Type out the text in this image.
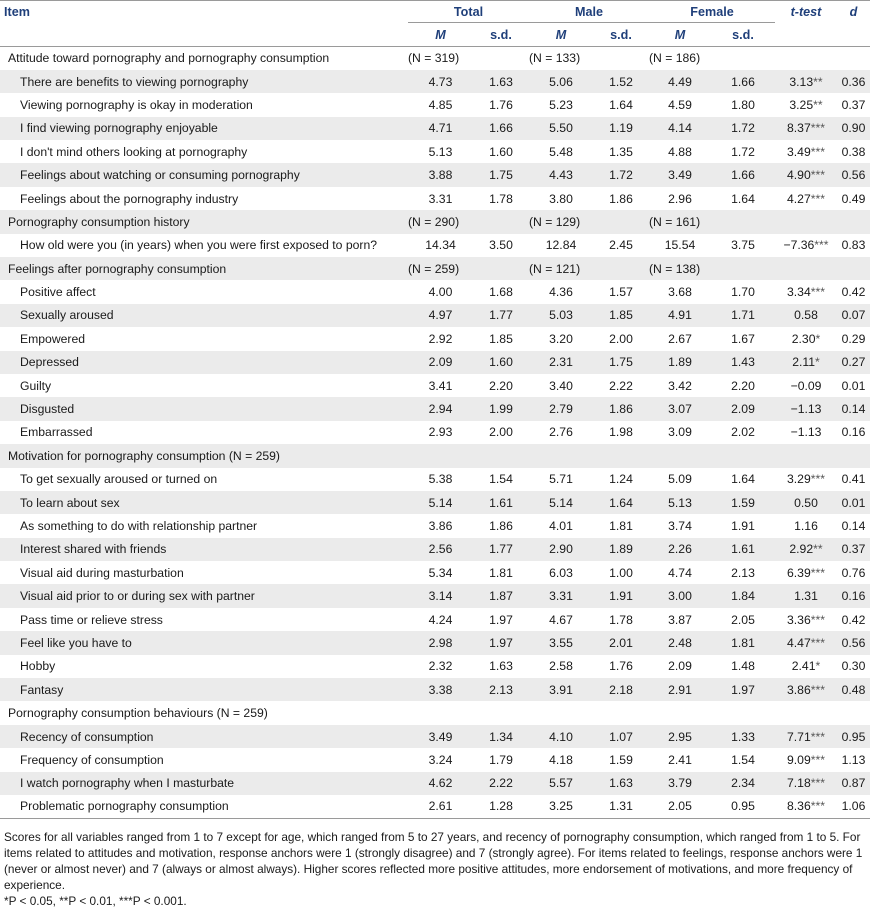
Item	Total		Male		Female		t-test	d
	M	s.d.	M	s.d.	M	s.d.		
Attitude toward pornography and pornography consumption	(N = 319)		(N = 133)		(N = 186)			
There are benefits to viewing pornography	4.73	1.63	5.06	1.52	4.49	1.66	3.13**	0.36
Viewing pornography is okay in moderation	4.85	1.76	5.23	1.64	4.59	1.80	3.25**	0.37
I find viewing pornography enjoyable	4.71	1.66	5.50	1.19	4.14	1.72	8.37***	0.90
I don't mind others looking at pornography	5.13	1.60	5.48	1.35	4.88	1.72	3.49***	0.38
Feelings about watching or consuming pornography	3.88	1.75	4.43	1.72	3.49	1.66	4.90***	0.56
Feelings about the pornography industry	3.31	1.78	3.80	1.86	2.96	1.64	4.27***	0.49
Pornography consumption history	(N = 290)		(N = 129)		(N = 161)			
How old were you (in years) when you were first exposed to porn?	14.34	3.50	12.84	2.45	15.54	3.75	−7.36***	0.83
Feelings after pornography consumption	(N = 259)		(N = 121)		(N = 138)			
Positive affect	4.00	1.68	4.36	1.57	3.68	1.70	3.34***	0.42
Sexually aroused	4.97	1.77	5.03	1.85	4.91	1.71	0.58	0.07
Empowered	2.92	1.85	3.20	2.00	2.67	1.67	2.30*	0.29
Depressed	2.09	1.60	2.31	1.75	1.89	1.43	2.11*	0.27
Guilty	3.41	2.20	3.40	2.22	3.42	2.20	−0.09	0.01
Disgusted	2.94	1.99	2.79	1.86	3.07	2.09	−1.13	0.14
Embarrassed	2.93	2.00	2.76	1.98	3.09	2.02	−1.13	0.16
Motivation for pornography consumption (N = 259)								
To get sexually aroused or turned on	5.38	1.54	5.71	1.24	5.09	1.64	3.29***	0.41
To learn about sex	5.14	1.61	5.14	1.64	5.13	1.59	0.50	0.01
As something to do with relationship partner	3.86	1.86	4.01	1.81	3.74	1.91	1.16	0.14
Interest shared with friends	2.56	1.77	2.90	1.89	2.26	1.61	2.92**	0.37
Visual aid during masturbation	5.34	1.81	6.03	1.00	4.74	2.13	6.39***	0.76
Visual aid prior to or during sex with partner	3.14	1.87	3.31	1.91	3.00	1.84	1.31	0.16
Pass time or relieve stress	4.24	1.97	4.67	1.78	3.87	2.05	3.36***	0.42
Feel like you have to	2.98	1.97	3.55	2.01	2.48	1.81	4.47***	0.56
Hobby	2.32	1.63	2.58	1.76	2.09	1.48	2.41*	0.30
Fantasy	3.38	2.13	3.91	2.18	2.91	1.97	3.86***	0.48
Pornography consumption behaviours (N = 259)								
Recency of consumption	3.49	1.34	4.10	1.07	2.95	1.33	7.71***	0.95
Frequency of consumption	3.24	1.79	4.18	1.59	2.41	1.54	9.09***	1.13
I watch pornography when I masturbate	4.62	2.22	5.57	1.63	3.79	2.34	7.18***	0.87
Problematic pornography consumption	2.61	1.28	3.25	1.31	2.05	0.95	8.36***	1.06
Scores for all variables ranged from 1 to 7 except for age, which ranged from 5 to 27 years, and recency of pornography consumption, which ranged from 1 to 5. For items related to attitudes and motivation, response anchors were 1 (strongly disagree) and 7 (strongly agree). For items related to feelings, response anchors were 1 (never or almost never) and 7 (always or almost always). Higher scores reflected more positive attitudes, more endorsement of motivations, and more frequency of experience.
*P < 0.05, **P < 0.01, ***P < 0.001.
